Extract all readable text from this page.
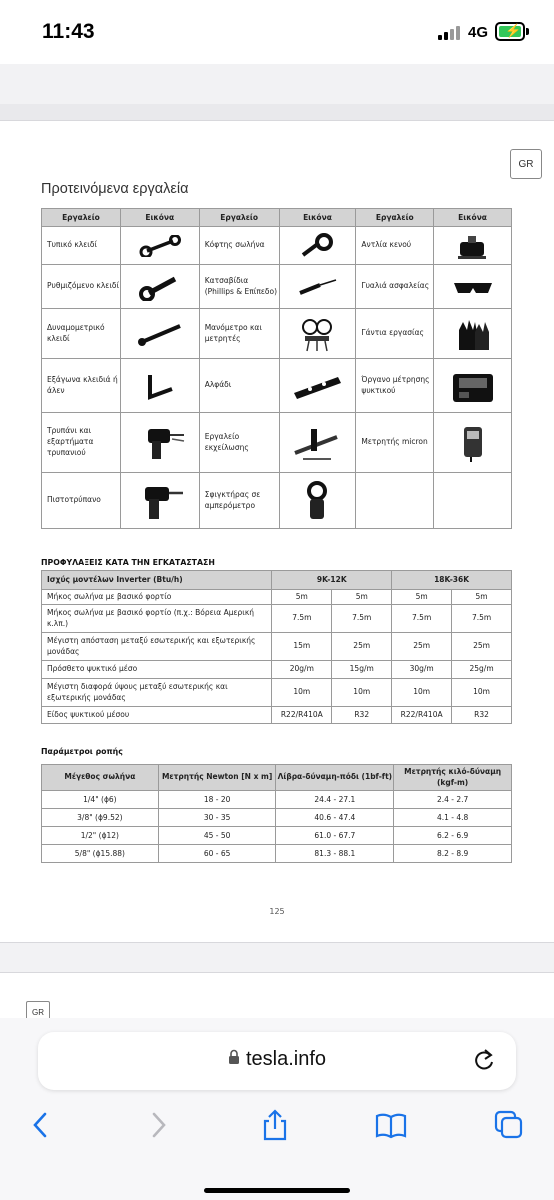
11:43	4G ⚡
GR
Προτεινόμενα εργαλεία
Εργαλείο	Εικόνα	Εργαλείο	Εικόνα	Εργαλείο	Εικόνα
Τυπικό κλειδί		Κόφτης σωλήνα		Αντλία κενού	

Ρυθμιζόμενο κλειδί		Κατσαβίδια (Phillips & Επίπεδο)		Γυαλιά ασφαλείας	

Δυναμομετρικό κλειδί		Μανόμετρο και μετρητές		Γάντια εργασίας	

Εξάγωνα κλειδιά ή άλεν		Αλφάδι		Όργανο μέτρησης ψυκτικού	

Τρυπάνι και εξαρτήματα τρυπανιού		Εργαλείο εκχείλωσης		Μετρητής micron	

Πιστοτρύπανο		Σφιγκτήρας σε αμπερόμετρο	

ΠΡΟΦΥΛΑΞΕΙΣ ΚΑΤΑ ΤΗΝ ΕΓΚΑΤΑΣΤΑΣΗ
Ισχύς μοντέλων Inverter (Btu/h)	9K-12K		18K-36K	
Μήκος σωλήνα με βασικό φορτίο	5m	5m	5m	5m
Μήκος σωλήνα με βασικό φορτίο (π.χ.: Βόρεια Αμερική κ.λπ.)	7.5m	7.5m	7.5m	7.5m
Μέγιστη απόσταση μεταξύ εσωτερικής και εξωτερικής μονάδας	15m	25m	25m	25m
Πρόσθετο ψυκτικό μέσο	20g/m	15g/m	30g/m	25g/m
Μέγιστη διαφορά ύψους μεταξύ εσωτερικής και εξωτερικής μονάδας	10m	10m	10m	10m
Είδος ψυκτικού μέσου	R22/R410A	R32	R22/R410A	R32
Παράμετροι ροπής
Μέγεθος σωλήνα	Μετρητής Newton [N x m]	Λίβρα-δύναμη-πόδι (1bf-ft)	Μετρητής κιλό-δύναμη (kgf-m)
1/4" (ϕ6)	18 - 20	24.4 - 27.1	2.4 - 2.7
3/8" (ϕ9.52)	30 - 35	40.6 - 47.4	4.1 - 4.8
1/2" (ϕ12)	45 - 50	61.0 - 67.7	6.2 - 6.9
5/8" (ϕ15.88)	60 - 65	81.3 - 88.1	8.2 - 8.9
125
GR
tesla.info
